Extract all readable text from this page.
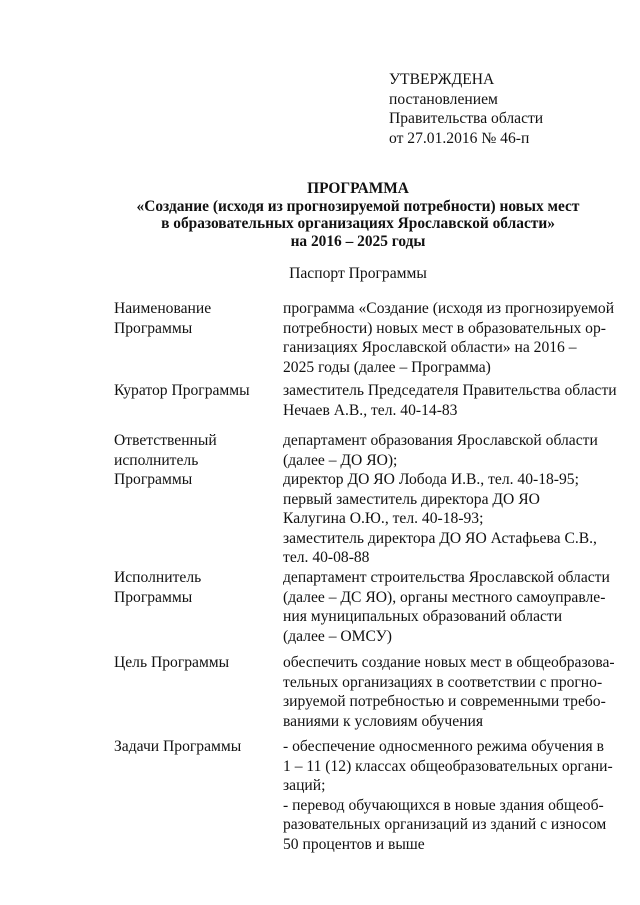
УТВЕРЖДЕНА
постановлением
Правительства области
от 27.01.2016 № 46-п
ПРОГРАММА
«Создание (исходя из прогнозируемой потребности) новых мест
в образовательных организациях Ярославской области»
на 2016 – 2025 годы
Паспорт Программы
Наименование
Программы
программа «Создание (исходя из прогнозируемой
потребности) новых мест в образовательных ор-
ганизациях Ярославской области» на 2016 –
2025 годы (далее – Программа)
Куратор Программы заместитель Председателя Правительства области
Нечаев А.В., тел. 40-14-83
Ответственный
исполнитель
Программы
департамент образования Ярославской области
(далее – ДО ЯО);
директор ДО ЯО Лобода И.В., тел. 40-18-95;
первый заместитель директора ДО ЯО
Калугина О.Ю., тел. 40-18-93;
заместитель директора ДО ЯО Астафьева С.В.,
тел. 40-08-88
Исполнитель
Программы
департамент строительства Ярославской области
(далее – ДС ЯО), органы местного самоуправле-
ния муниципальных образований области
(далее – ОМСУ)
Цель Программы	обеспечить создание новых мест в общеобразова-
тельных организациях в соответствии с прогно-
зируемой потребностью и современными требо-
ваниями к условиям обучения
Задачи Программы	- обеспечение односменного режима обучения в
1 – 11 (12) классах общеобразовательных органи-
заций;
- перевод обучающихся в новые здания общеоб-
разовательных организаций из зданий с износом
50 процентов и выше
